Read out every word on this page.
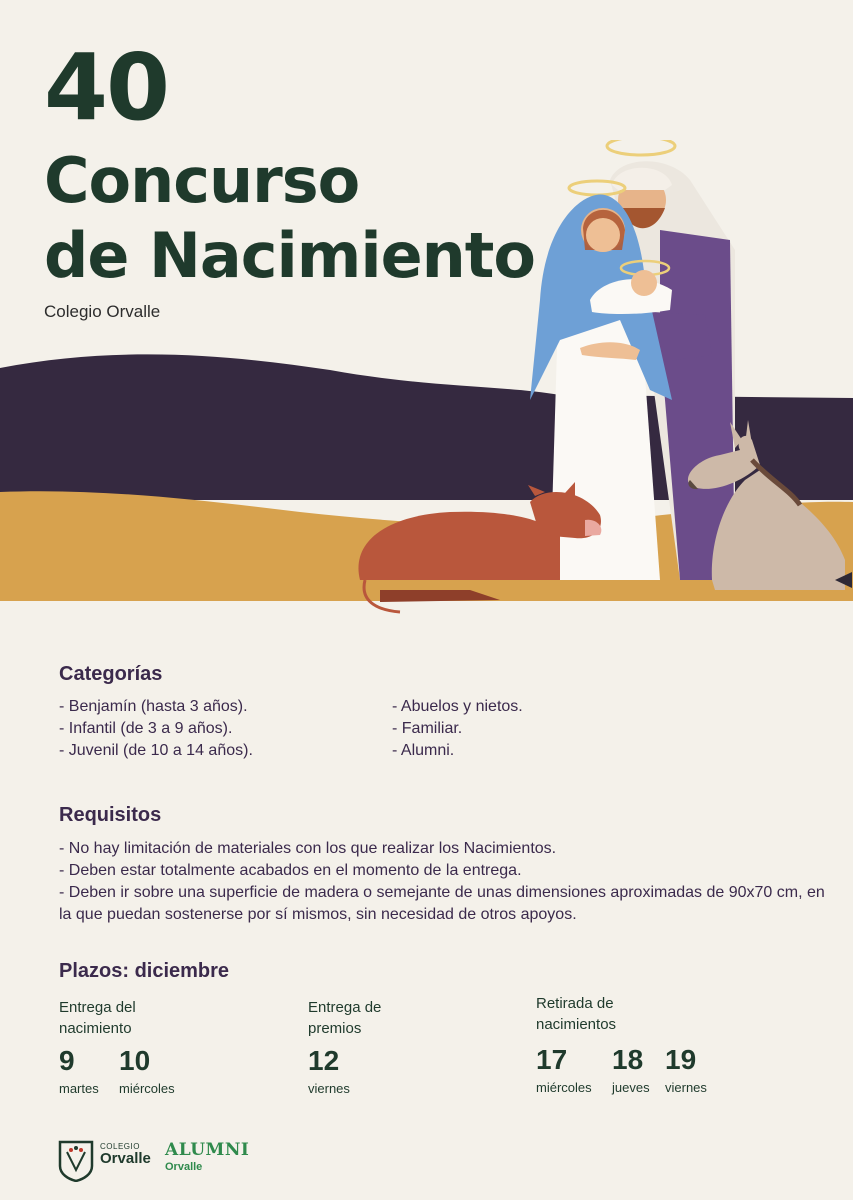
40
Concurso
de Nacimiento
Colegio Orvalle
Categorías
- Benjamín (hasta 3 años).
- Infantil (de 3 a 9 años).
- Juvenil (de 10 a 14 años).
- Abuelos y nietos.
- Familiar.
- Alumni.
Requisitos
- No hay limitación de materiales con los que realizar los Nacimientos.
- Deben estar totalmente acabados en el momento de la entrega.
- Deben ir sobre una superficie de madera o semejante de unas dimensiones aproximadas de 90x70 cm, en la que puedan sostenerse por sí mismos, sin necesidad de otros apoyos.
Plazos: diciembre
Entrega del
nacimiento
9
martes
10
miércoles
Entrega de
premios
12
viernes
Retirada de
nacimientos
17
miércoles
18
jueves
19
viernes
COLEGIO
Orvalle ALUMNI
Orvalle
